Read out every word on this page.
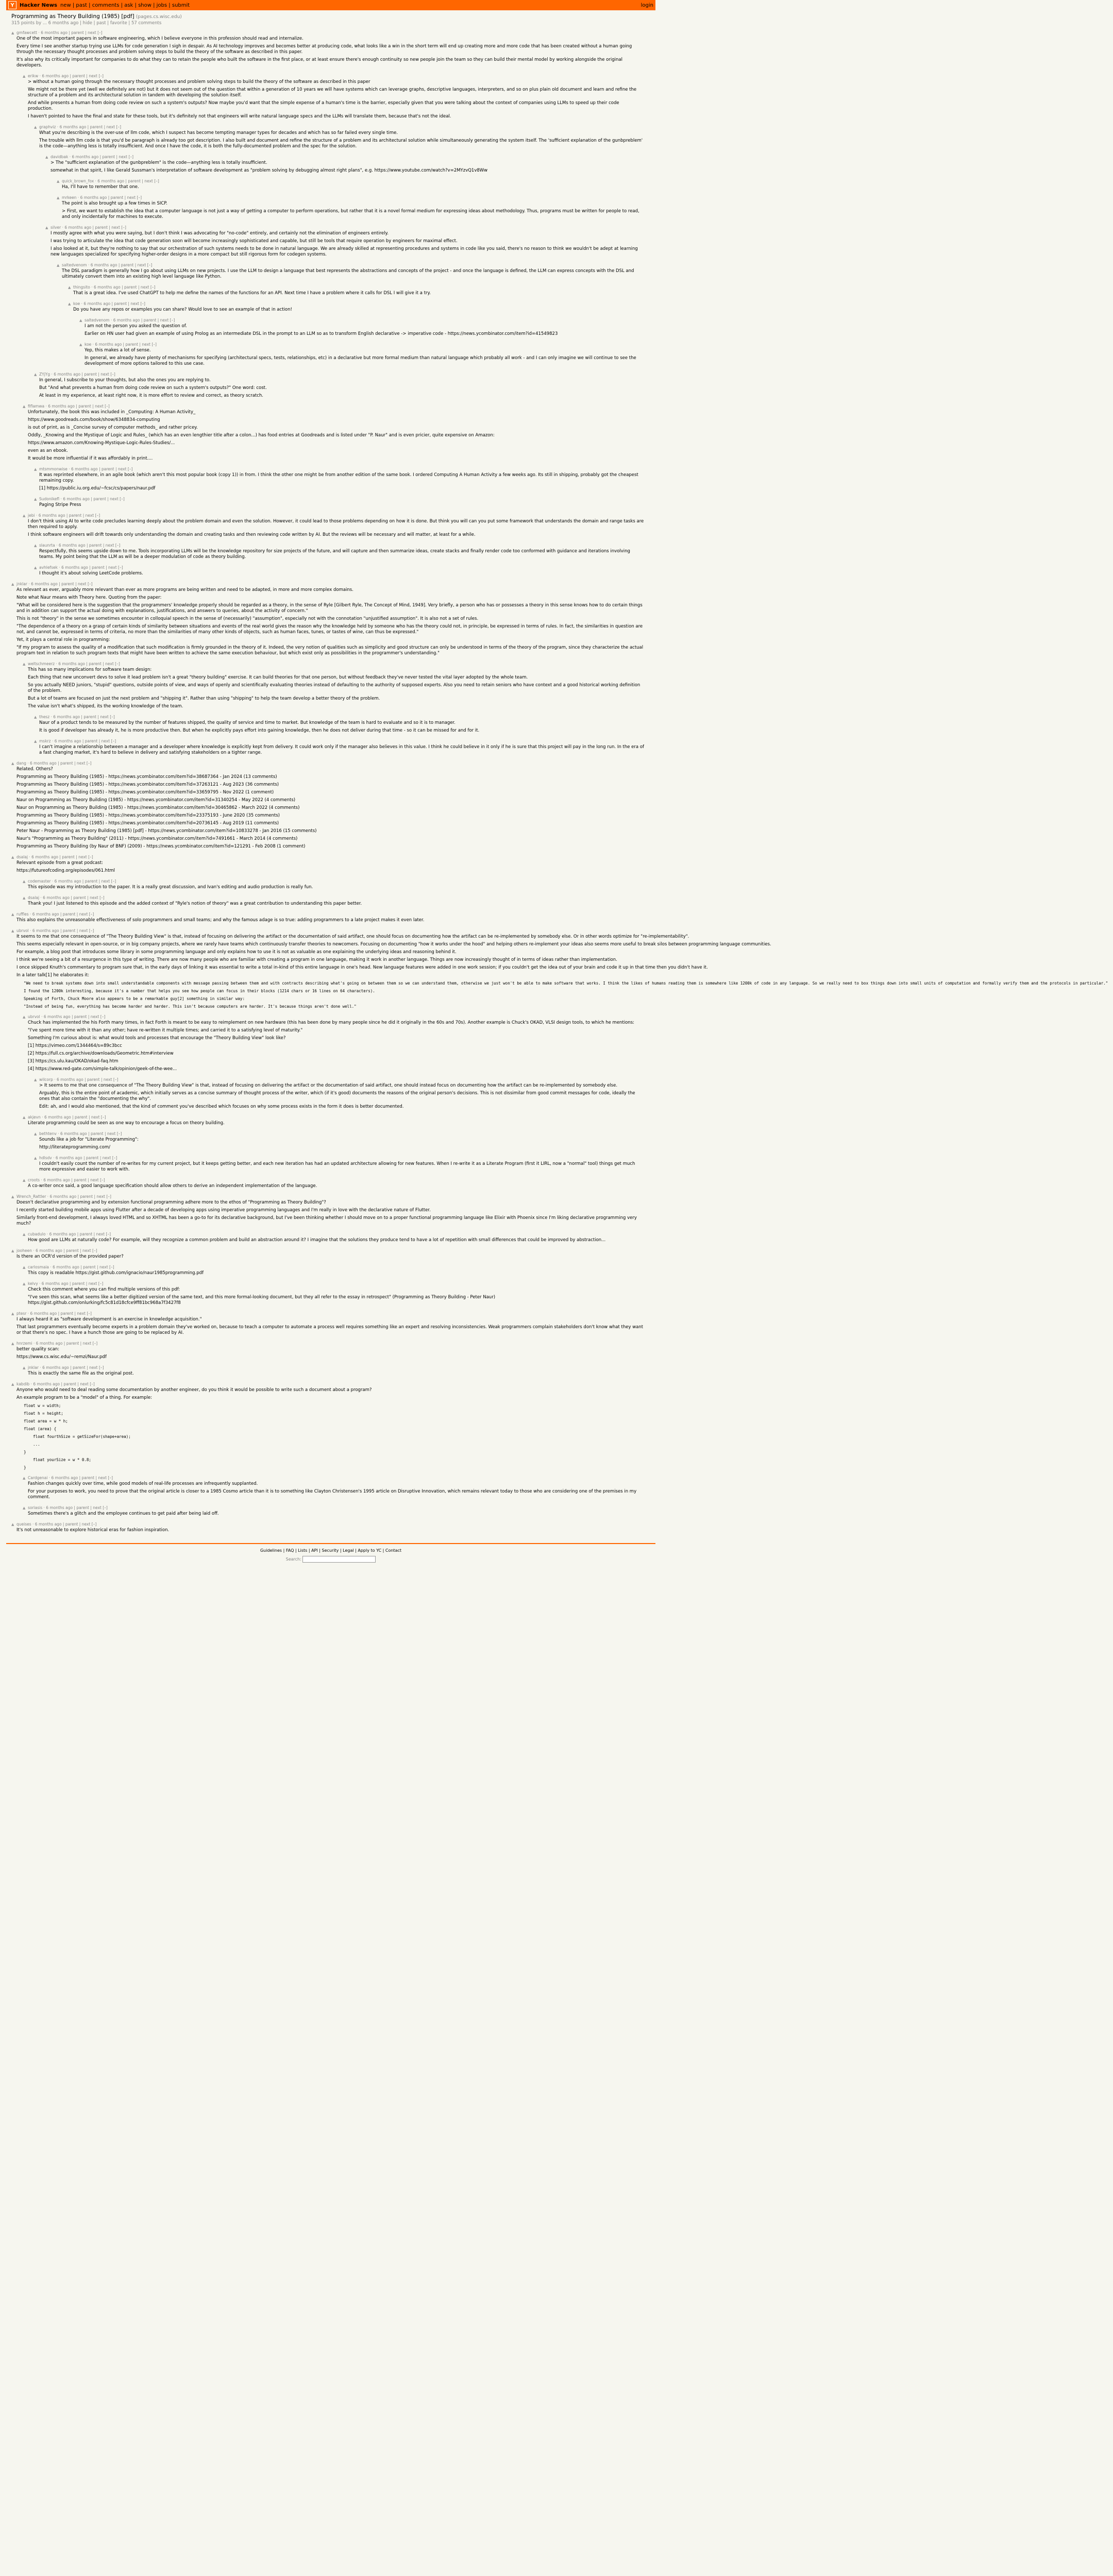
Y	Hacker News new | past | comments | ask | show | jobs | submit	login
Programming as Theory Building (1985) [pdf] (pages.cs.wisc.edu)
315 points by ... 6 months ago | hide | past | favorite | 57 comments
▲ gmfawcett · 6 months ago | parent | next [–]

One of the most important papers in software engineering, which I believe everyone in this profession should read and internalize.

Every time I see another startup trying use LLMs for code generation I sigh in despair. As AI technology improves and becomes better at producing code, what looks like a win in the short term will end up creating more and more code that has been created without a human going through the necessary thought processes and problem solving steps to build the theory of the software as described in this paper.

It's also why its critically important for companies to do what they can to retain the people who built the software in the first place, or at least ensure there's enough continuity so new people join the team so they can build their mental model by working alongside the original developers.

▲ erikw · 6 months ago | parent | next [–]

> without a human going through the necessary thought processes and problem solving steps to build the theory of the software as described in this paper

We might not be there yet (well we definitely are not) but it does not seem out of the question that within a generation of 10 years we will have systems which can leverage graphs, descriptive languages, interpreters, and so on plus plain old document and learn and refine the structure of a problem and its architectural solution in tandem with developing the solution itself.

And while presents a human from doing code review on such a system's outputs? Now maybe you'd want that the simple expense of a human's time is the barrier, especially given that you were talking about the context of companies using LLMs to speed up their code production.

I haven't pointed to have the final and state for these tools, but it's definitely not that engineers will write natural language specs and the LLMs will translate them, because that's not the ideal.

▲ graphviz · 6 months ago | parent | next [–]

What you're describing is the over-use of llm code, which I suspect has become tempting manager types for decades and which has so far failed every single time.

The trouble with llm code is that you'd be paragraph is already too got description. I also built and document and refine the structure of a problem and its architectural solution while simultaneously generating the system itself. The 'sufficient explanation of the gunbpreblem' is the code—anything less is totally insufficient. And once I have the code, it is both the fully-documented problem and the spec for the solution.

▲ davidbak · 6 months ago | parent | next [–]

> The "sufficient explanation of the gunbpreblem" is the code—anything less is totally insufficient.

somewhat in that spirit, I like Gerald Sussman's interpretation of software development as "problem solving by debugging almost right plans", e.g. https://www.youtube.com/watch?v=2MYzvQ1v8Ww

▲ quick_brown_fox · 6 months ago | parent | next [–]

Ha, I'll have to remember that one.

▲ mrkeen · 6 months ago | parent | next [–]

The point is also brought up a few times in SICP.

> First, we want to establish the idea that a computer language is not just a way of getting a computer to perform operations, but rather that it is a novel formal medium for expressing ideas about methodology. Thus, programs must be written for people to read, and only incidentally for machines to execute.

▲ silver · 6 months ago | parent | next [–]

I mostly agree with what you were saying, but I don't think I was advocating for "no-code" entirely, and certainly not the elimination of engineers entirely.

I was trying to articulate the idea that code generation soon will become increasingly sophisticated and capable, but still be tools that require operation by engineers for maximal effect.

I also looked at it, but they're nothing to say that our orchestration of such systems needs to be done in natural language. We are already skilled at representing procedures and systems in code like you said, there's no reason to think we wouldn't be adept at learning new languages specialized for specifying higher-order designs in a more compact but still rigorous form for codegen systems.

▲ saltedvenom · 6 months ago | parent | next [–]

The DSL paradigm is generally how I go about using LLMs on new projects. I use the LLM to design a language that best represents the abstractions and concepts of the project - and once the language is defined, the LLM can express concepts with the DSL and ultimately convert them into an existing high level language like Python.

▲ thingsito · 6 months ago | parent | next [–]

That is a great idea. I've used ChatGPT to help me define the names of the functions for an API. Next time I have a problem where it calls for DSL I will give it a try.

▲ koe · 6 months ago | parent | next [–]

Do you have any repos or examples you can share? Would love to see an example of that in action!

▲ saltedvenom · 6 months ago | parent | next [–]

I am not the person you asked the question of.

Earlier on HN user had given an example of using Prolog as an intermediate DSL in the prompt to an LLM so as to transform English declarative -> imperative code - https://news.ycombinator.com/item?id=41549823

▲ koe · 6 months ago | parent | next [–]

Yep, this makes a lot of sense.

In general, we already have plenty of mechanisms for specifying (architectural specs, tests, relationships, etc) in a declarative but more formal medium than natural language which probably all work - and I can only imagine we will continue to see the development of more options tailored to this use case.

▲ ZYjYg · 6 months ago | parent | next [–]

In general, I subscribe to your thoughts, but also the ones you are replying to.

But "And what prevents a human from doing code review on such a system's outputs?" One word: cost.

At least in my experience, at least right now, it is more effort to review and correct, as theory scratch.

▲ fiflamwa · 6 months ago | parent | next [–]

Unfortunately, the book this was included in _Computing: A Human Activity_

https://www.goodreads.com/book/show/6348834-computing

is out of print, as is _Concise survey of computer methods_ and rather pricey.

Oddly, _Knowing and the Mystique of Logic and Rules_ (which has an even lengthier title after a colon...) has food entries at Goodreads and is listed under "P. Naur" and is even pricier, quite expensive on Amazon:

https://www.amazon.com/Knowing-Mystique-Logic-Rules-Studies/...

even as an ebook.

It would be more influential if it was affordably in print....

▲ mtsmmonwise · 6 months ago | parent | next [–]

It was reprinted elsewhere, in an agile book (which aren't this most popular book (copy 1)) in from. I think the other one might be from another edition of the same book. I ordered Computing A Human Activity a few weeks ago. Its still in shipping, probably got the cheapest remaining copy.

[1] https://public.iu.org.edu/~fcsc/cs/papers/naur.pdf

▲ Sudonikefl · 6 months ago | parent | next [–]

Paging Stripe Press

▲ jebi · 6 months ago | parent | next [–]

I don't think using AI to write code precludes learning deeply about the problem domain and even the solution. However, it could lead to those problems depending on how it is done. But think you will can you put some framework that understands the domain and range tasks are then required to apply.

I think software engineers will drift towards only understanding the domain and creating tasks and then reviewing code written by AI. But the reviews will be necessary and will matter, at least for a while.

▲ slaunrta · 6 months ago | parent | next [–]

Respectfully, this seems upside down to me. Tools incorporating LLMs will be the knowledge repository for size projects of the future, and will capture and then summarize ideas, create stacks and finally render code too conformed with guidance and iterations involving teams. My point being that the LLM as will be a deeper modulation of code as theory building.

▲ avhlefsek · 6 months ago | parent | next [–]

I thought it's about solving LeetCode problems.

▲ jnklar · 6 months ago | parent | next [–]

As relevant as ever, arguably more relevant than ever as more programs are being written and need to be adapted, in more and more complex domains.

Note what Naur means with Theory here. Quoting from the paper:

"What will be considered here is the suggestion that the programmers' knowledge properly should be regarded as a theory, in the sense of Ryle [Gilbert Ryle, The Concept of Mind, 1949]. Very briefly, a person who has or possesses a theory in this sense knows how to do certain things and in addition can support the actual doing with explanations, justifications, and answers to queries, about the activity of concern."

This is not "theory" in the sense we sometimes encounter in colloquial speech in the sense of (necessarily) "assumption", especially not with the connotation "unjustified assumption". It is also not a set of rules.

"The dependence of a theory on a grasp of certain kinds of similarity between situations and events of the real world gives the reason why the knowledge held by someone who has the theory could not, in principle, be expressed in terms of rules. In fact, the similarities in question are not, and cannot be, expressed in terms of criteria, no more than the similarities of many other kinds of objects, such as human faces, tunes, or tastes of wine, can thus be expressed."

Yet, it plays a central role in programming:

"If my program to assess the quality of a modification that such modification is firmly grounded in the theory of it. Indeed, the very notion of qualities such as simplicity and good structure can only be understood in terms of the theory of the program, since they characterize the actual program text in relation to such program texts that might have been written to achieve the same execution behaviour, but which exist only as possibilities in the programmer's understanding."

▲ weltschmeerz · 6 months ago | parent | next [–]

This has so many implications for software team design:

Each thing that new unconvert devs to solve it lead problem isn't a great "theory building" exercise. It can build theories for that one person, but without feedback they've never tested the vital layer adopted by the whole team.

So you actually NEED juniors, "stupid" questions, outside points of view, and ways of openly and scientifically evaluating theories instead of defaulting to the authority of supposed experts. Also you need to retain seniors who have context and a good historical working definition of the problem.

But a lot of teams are focused on just the next problem and "shipping it". Rather than using "shipping" to help the team develop a better theory of the problem.

The value isn't what's shipped, its the working knowledge of the team.

▲ thesz · 6 months ago | parent | next [–]

Naur of a product tends to be measured by the number of features shipped, the quality of service and time to market. But knowledge of the team is hard to evaluate and so it is to manager.

It is good if developer has already it, he is more productive then. But when he explicitly pays effort into gaining knowledge, then he does not deliver during that time - so it can be missed for and for it.

▲ mskrz · 6 months ago | parent | next [–]

I can't imagine a relationship between a manager and a developer where knowledge is explicitly kept from delivery. It could work only if the manager also believes in this value. I think he could believe in it only if he is sure that this project will pay in the long run. In the era of a fast changing market, it's hard to believe in delivery and satisfying stakeholders on a tighter range.

▲ dang · 6 months ago | parent | next [–]

Related. Others?

Programming as Theory Building (1985) - https://news.ycombinator.com/item?id=38687364 - Jan 2024 (13 comments)

Programming as Theory Building (1985) - https://news.ycombinator.com/item?id=37263121 - Aug 2023 (36 comments)

Programming as Theory Building (1985) - https://news.ycombinator.com/item?id=33659795 - Nov 2022 (1 comment)

Naur on Programming as Theory Building (1985) - https://news.ycombinator.com/item?id=31340254 - May 2022 (4 comments)

Naur on Programming as Theory Building (1985) - https://news.ycombinator.com/item?id=30465862 - March 2022 (4 comments)

Programming as Theory Building (1985) - https://news.ycombinator.com/item?id=23375193 - June 2020 (35 comments)

Programming as Theory Building (1985) - https://news.ycombinator.com/item?id=20736145 - Aug 2019 (11 comments)

Peter Naur - Programming as Theory Building (1985) [pdf] - https://news.ycombinator.com/item?id=10833278 - Jan 2016 (15 comments)

Naur's "Programming as Theory Building" (2011) - https://news.ycombinator.com/item?id=7491661 - March 2014 (4 comments)

Programming as Theory Building (by Naur of BNF) (2009) - https://news.ycombinator.com/item?id=121291 - Feb 2008 (1 comment)

▲ dsalaj · 6 months ago | parent | next [–]

Relevant episode from a great podcast:

https://futureofcoding.org/episodes/061.html

▲ codemaster · 6 months ago | parent | next [–]

This episode was my introduction to the paper. It is a really great discussion, and Ivan's editing and audio production is really fun.

▲ dsalaj · 6 months ago | parent | next [–]

Thank you! I just listened to this episode and the added context of "Ryle's notion of theory" was a great contribution to understanding this paper better.

▲ ruffles · 6 months ago | parent | next [–]

This also explains the unreasonable effectiveness of solo programmers and small teams; and why the famous adage is so true: adding programmers to a late project makes it even later.

▲ ubrvol · 6 months ago | parent | next [–]

It seems to me that one consequence of "The Theory Building View" is that, instead of focusing on delivering the artifact or the documentation of said artifact, one should focus on documenting how the artifact can be re-implemented by somebody else. Or in other words optimize for "re-implementability".

This seems especially relevant in open-source, or in big company projects, where we rarely have teams which continuously transfer theories to newcomers. Focusing on documenting "how it works under the hood" and helping others re-implement your ideas also seems more useful to break silos between programming language communities.

For example, a blog post that introduces some library in some programming language and only explains how to use it is not as valuable as one explaining the underlying ideas and reasoning behind it.

I think we're seeing a bit of a resurgence in this type of writing. There are now many people who are familiar with creating a program in one language, making it work in another language. Things are now increasingly thought of in terms of ideas rather than implementation.

I once skipped Knuth's commentary to program sure that, in the early days of linking it was essential to write a total in-kind of this entire language in one's head. New language features were added in one work session; if you couldn't get the idea out of your brain and code it up in that time then you didn't have it.

In a later talk[1] he elaborates it:

"We need to break systems down into small understandable components with message passing between them and with contracts describing what's going on between them so we can understand them, otherwise we just won't be able to make software that works. I think the likes of humans reading them is somewhere like 1200k of code in any language. So we really need to box things down into small units of computation and formally verify them and the protocols in particular."
I found the 1200k interesting, because it's a number that helps you see how people can focus in their blocks (1214 chars or 16 lines on 64 characters).
Speaking of Forth, Chuck Moore also appears to be a remarkable guy[2] something in similar way:
"Instead of being fun, everything has become harder and harder. This isn't because computers are harder. It's because things aren't done well."
▲ ubrvol · 6 months ago | parent | next [–]

Chuck has implemented the his Forth many times, in fact Forth is meant to be easy to reimplement on new hardware (this has been done by many people since he did it originally in the 60s and 70s). Another example is Chuck's OKAD, VLSI design tools, to which he mentions:

"I've spent more time with it than any other; have re-written it multiple times; and carried it to a satisfying level of maturity."

Something I'm curious about is: what would tools and processes that encourage the "Theory Building View" look like?

[1] https://vimeo.com/1344464/s=89c3bcc

[2] https://full.cs.org/archive/downloads/Geometric.htm#interview

[3] https://cs.ulu.kau/OKAD/okad-faq.htm

[4] https://www.red-gate.com/simple-talk/opinion/geek-of-the-wee...

▲ wilcorp · 6 months ago | parent | next [–]

> It seems to me that one consequence of "The Theory Building View" is that, instead of focusing on delivering the artifact or the documentation of said artifact, one should instead focus on documenting how the artifact can be re-implemented by somebody else.

Arguably, this is the entire point of academic, which initially serves as a concise summary of thought process of the writer, which (if it's good) documents the reasons of the original person's decisions. This is not dissimilar from good commit messages for code, ideally the ones that also contain the "documenting the why".

Edit: ah, and I would also mentioned, that the kind of comment you've described which focuses on why some process exists in the form it does is better documented.

▲ akjevn · 6 months ago | parent | next [–]

Literate programming could be seen as one way to encourage a focus on theory building.

▲ bethtenv · 6 months ago | parent | next [–]

Sounds like a job for "Literate Programming":

http://literateprogramming.com/

▲ hdlsdv · 6 months ago | parent | next [–]

I couldn't easily count the number of re-writes for my current project, but it keeps getting better, and each new iteration has had an updated architecture allowing for new features. When I re-write it as a Literate Program (first it LIRL, now a "normal" tool) things get much more expressive and easier to work with.

▲ croots · 6 months ago | parent | next [–]

A co-writer once said, a good language specification should allow others to derive an independent implementation of the language.

▲ Wrench_Rattler · 6 months ago | parent | next [–]

Doesn't declarative programming and by extension functional programming adhere more to the ethos of "Programming as Theory Building"?

I recently started building mobile apps using Flutter after a decade of developing apps using imperative programming languages and I'm really in love with the declarative nature of Flutter.

Similarly front-end development, I always loved HTML and so XHTML has been a go-to for its declarative background, but I've been thinking whether I should move on to a proper functional programming language like Elixir with Phoenix since I'm liking declarative programming very much?

▲ cubadulo · 6 months ago | parent | next [–]

How good are LLMs at naturally code? For example, will they recognize a common problem and build an abstraction around it? I imagine that the solutions they produce tend to have a lot of repetition with small differences that could be improved by abstraction...

▲ jooheen · 6 months ago | parent | next [–]

Is there an OCR'd version of the provided paper?

▲ carlosmaia · 6 months ago | parent | next [–]

This copy is readable https://gist.github.com/ignacio/naur1985programming.pdf

▲ kelvy · 6 months ago | parent | next [–]

Check this comment where you can find multiple versions of this pdf:

"I've seen this scan, what seems like a better digitized version of the same text, and this more formal-looking document, but they all refer to the essay in retrospect" (Programming as Theory Building - Peter Naur) https://gist.github.com/onlurking/fc5c81d18cfce9ff81bc968a7f3427f8

▲ ptesr · 6 months ago | parent | next [–]

I always heard it as "software development is an exercise in knowledge acquisition."

That last programmers eventually become experts in a problem domain they've worked on, because to teach a computer to automate a process well requires something like an expert and resolving inconsistencies. Weak programmers complain stakeholders don't know what they want or that there's no spec. I have a hunch those are going to be replaced by AI.

▲ hnrzemi · 6 months ago | parent | next [–]

better quality scan:

https://www.cs.wisc.edu/~remzi/Naur.pdf

▲ jnklar · 6 months ago | parent | next [–]

This is exactly the same file as the original post.

▲ kabdib · 6 months ago | parent | next [–]

Anyone who would need to deal reading some documentation by another engineer, do you think it would be possible to write such a document about a program?

An example program to be a "model" of a thing. For example:

float w = width;
float h = height;
float area = w * h;
float (area) {
float fourthSize = getSizeFor(shape+area);
...
}
float yourSize = w * 0.8;
}
▲ Cardgenai · 6 months ago | parent | next [–]

Fashion changes quickly over time, while good models of real-life processes are infrequently supplanted.

For your purposes to work, you need to prove that the original article is closer to a 1985 Cosmo article than it is to something like Clayton Christensen's 1995 article on Disruptive Innovation, which remains relevant today to those who are considering one of the premises in my comment.

▲ soriasis · 6 months ago | parent | next [–]

Sometimes there's a glitch and the employee continues to get paid after being laid off.

▲ queises · 6 months ago | parent | next [–]

It's not unreasonable to explore historical eras for fashion inspiration.

Guidelines | FAQ | Lists | API | Security | Legal | Apply to YC | Contact
Search:
